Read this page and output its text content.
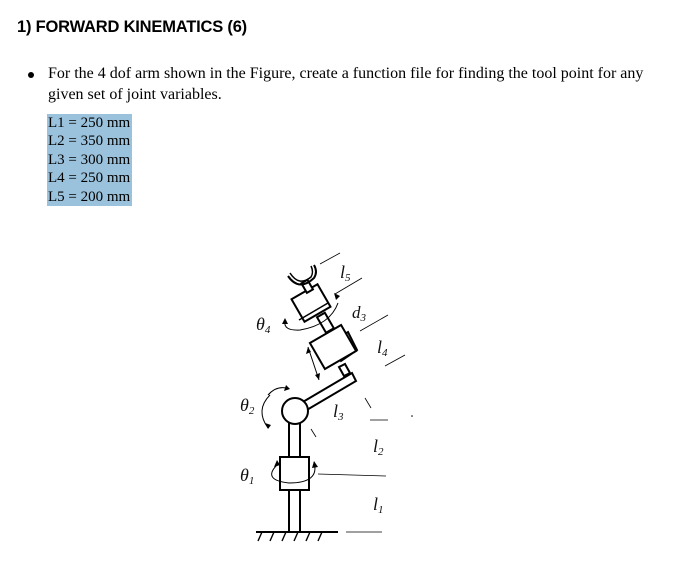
1) FORWARD KINEMATICS (6)
For the 4 dof arm shown in the Figure, create a function file for finding the tool point for any given set of joint variables.
L1 = 250 mm
L2 = 350 mm
L3 = 300 mm
L4 = 250 mm
L5 = 200 mm
l5
d3
θ4
l4
θ2	l3
l2
θ1
l1
